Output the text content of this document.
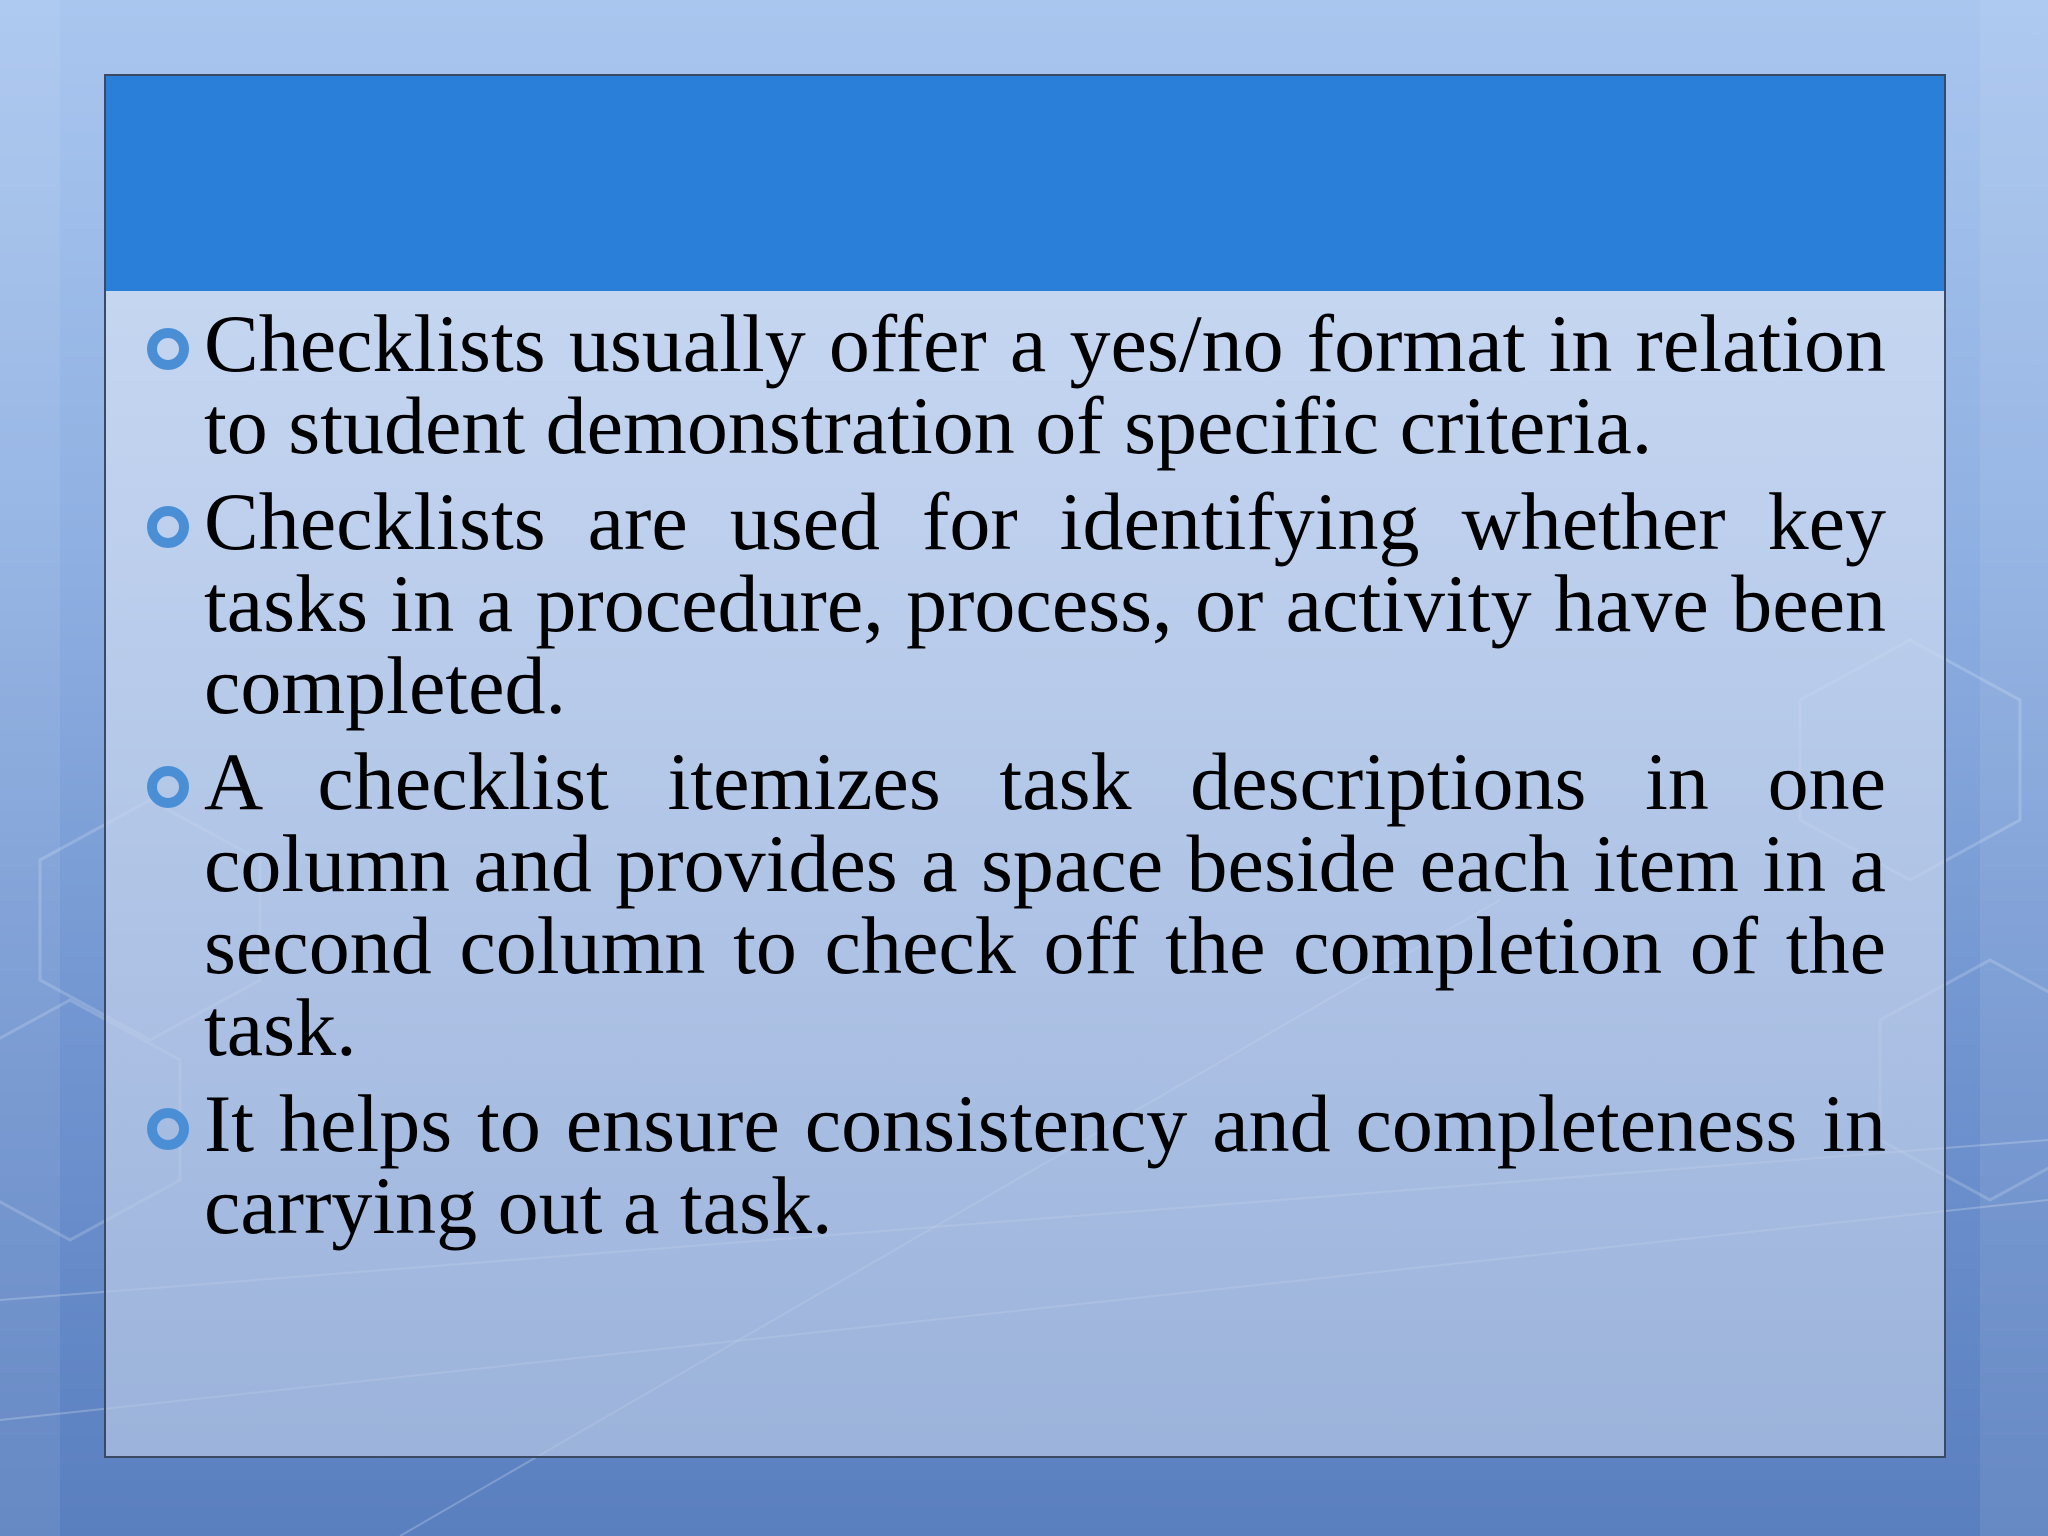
Checklists usually offer a yes/no format in relation to student demonstration of specific criteria.
Checklists are used for identifying whether key tasks in a procedure, process, or activity have been completed.
A checklist itemizes task descriptions in one column and provides a space beside each item in a second column to check off the completion of the task.
It helps to ensure consistency and completeness in carrying out a task.
